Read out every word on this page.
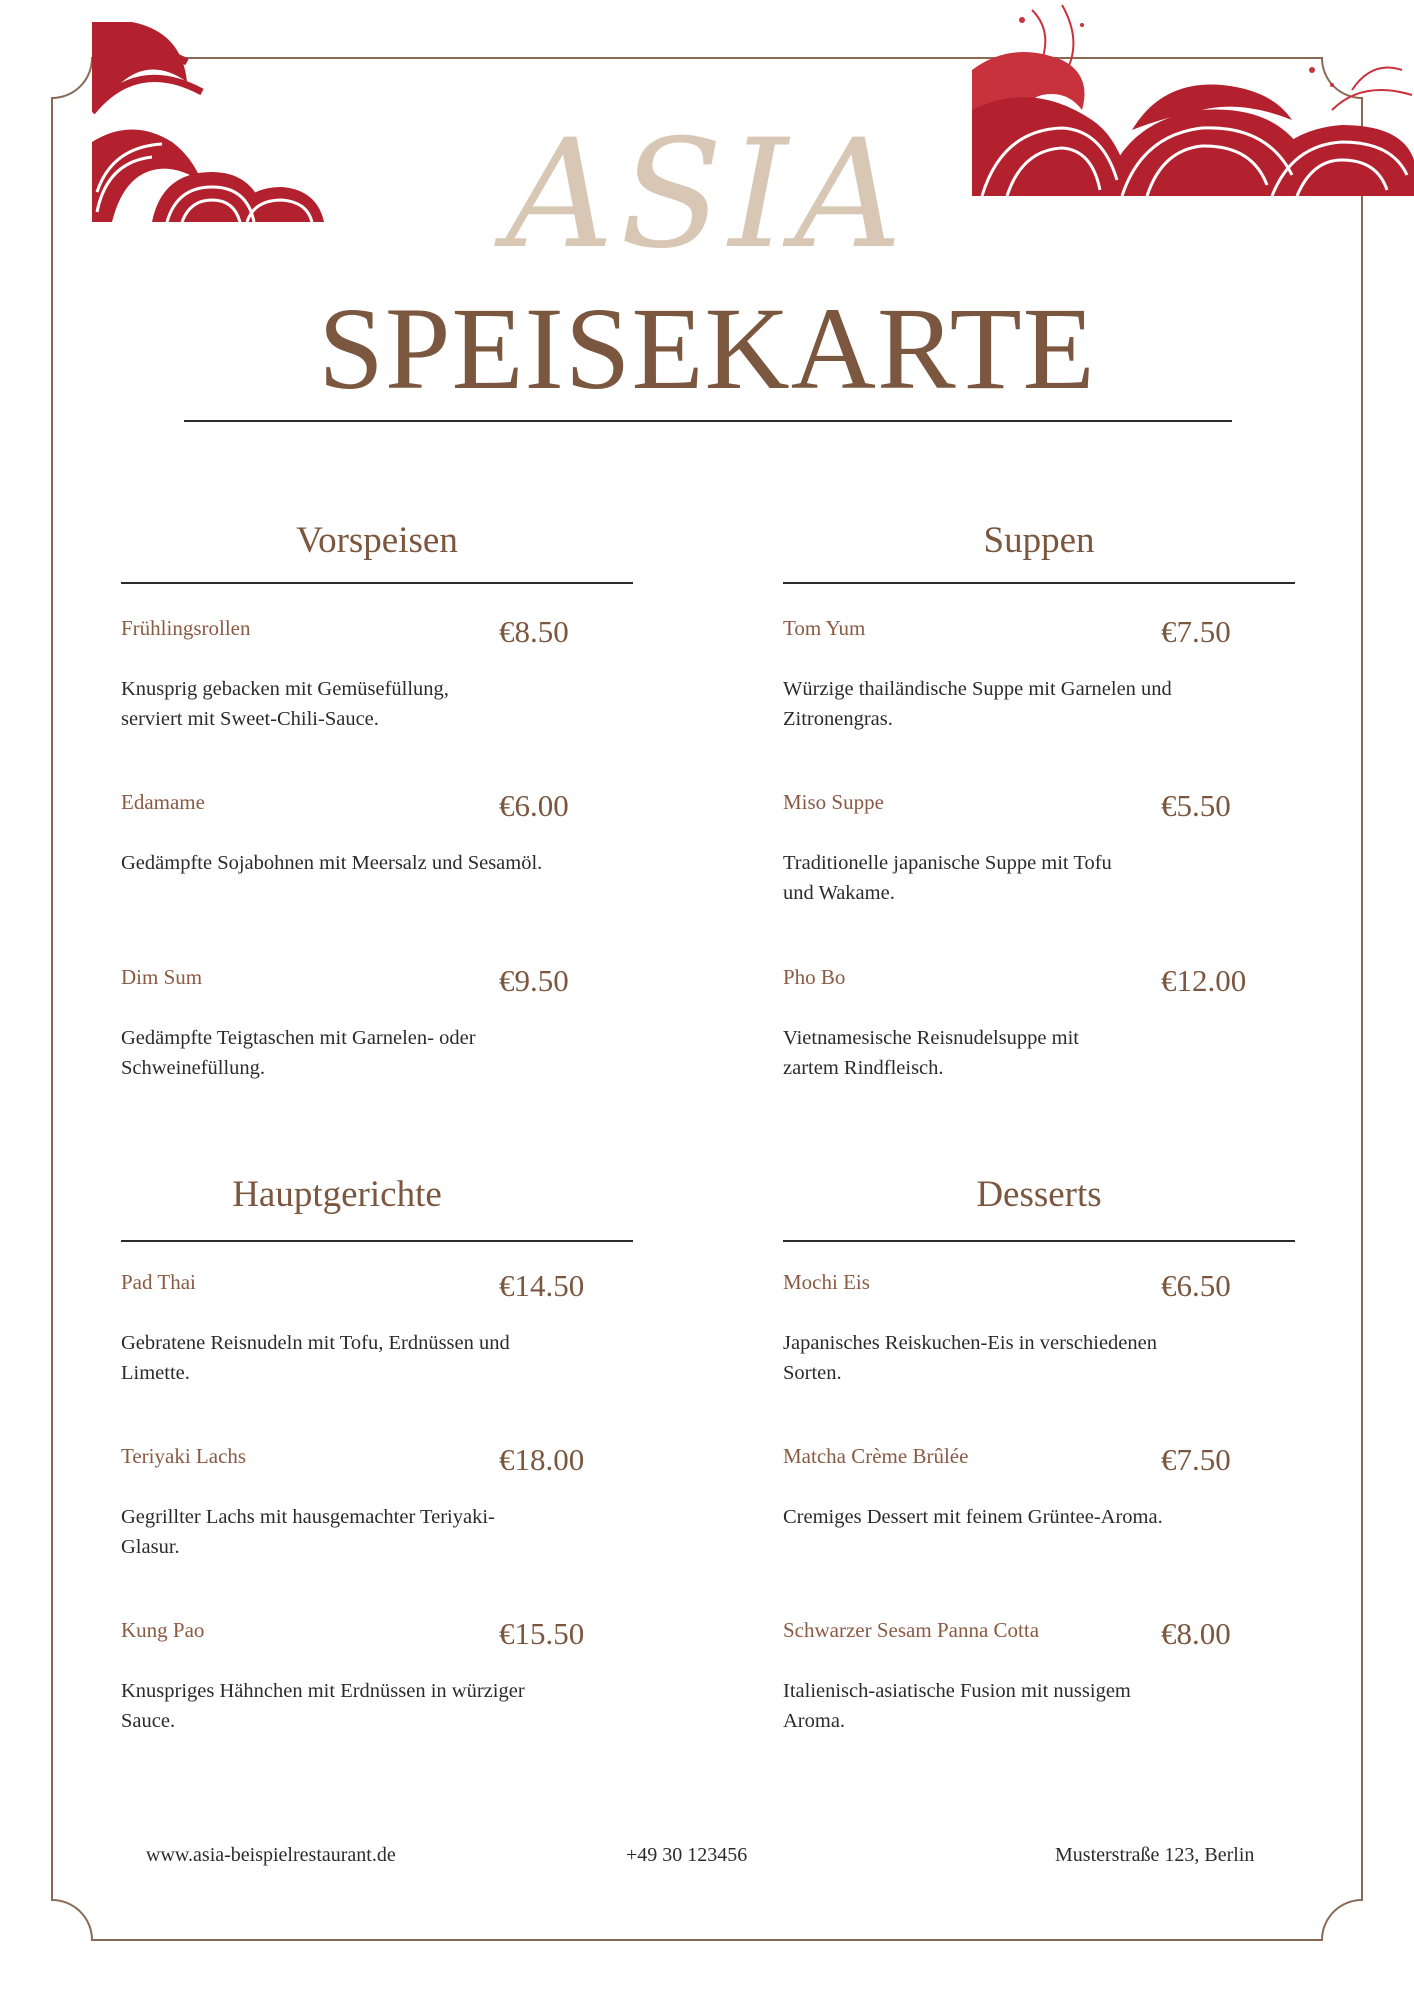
ASIA
SPEISEKARTE
Vorspeisen
Frühlingsrollen	€8.50
Knusprig gebacken mit Gemüsefüllung,
serviert mit Sweet-Chili-Sauce.
Edamame	€6.00
Gedämpfte Sojabohnen mit Meersalz und Sesamöl.

Dim Sum	€9.50
Gedämpfte Teigtaschen mit Garnelen- oder
Schweinefüllung.
Suppen
Tom Yum	€7.50
Würzige thailändische Suppe mit Garnelen und
Zitronengras.
Miso Suppe	€5.50
Traditionelle japanische Suppe mit Tofu
und Wakame.
Pho Bo	€12.00
Vietnamesische Reisnudelsuppe mit
zartem Rindfleisch.
Hauptgerichte
Pad Thai	€14.50
Gebratene Reisnudeln mit Tofu, Erdnüssen und
Limette.
Teriyaki Lachs	€18.00
Gegrillter Lachs mit hausgemachter Teriyaki-
Glasur.
Kung Pao	€15.50
Knuspriges Hähnchen mit Erdnüssen in würziger
Sauce.
Desserts
Mochi Eis	€6.50
Japanisches Reiskuchen-Eis in verschiedenen
Sorten.
Matcha Crème Brûlée	€7.50
Cremiges Dessert mit feinem Grüntee-Aroma.

Schwarzer Sesam Panna Cotta	€8.00
Italienisch-asiatische Fusion mit nussigem
Aroma.
www.asia-beispielrestaurant.de	+49 30 123456	Musterstraße 123, Berlin
